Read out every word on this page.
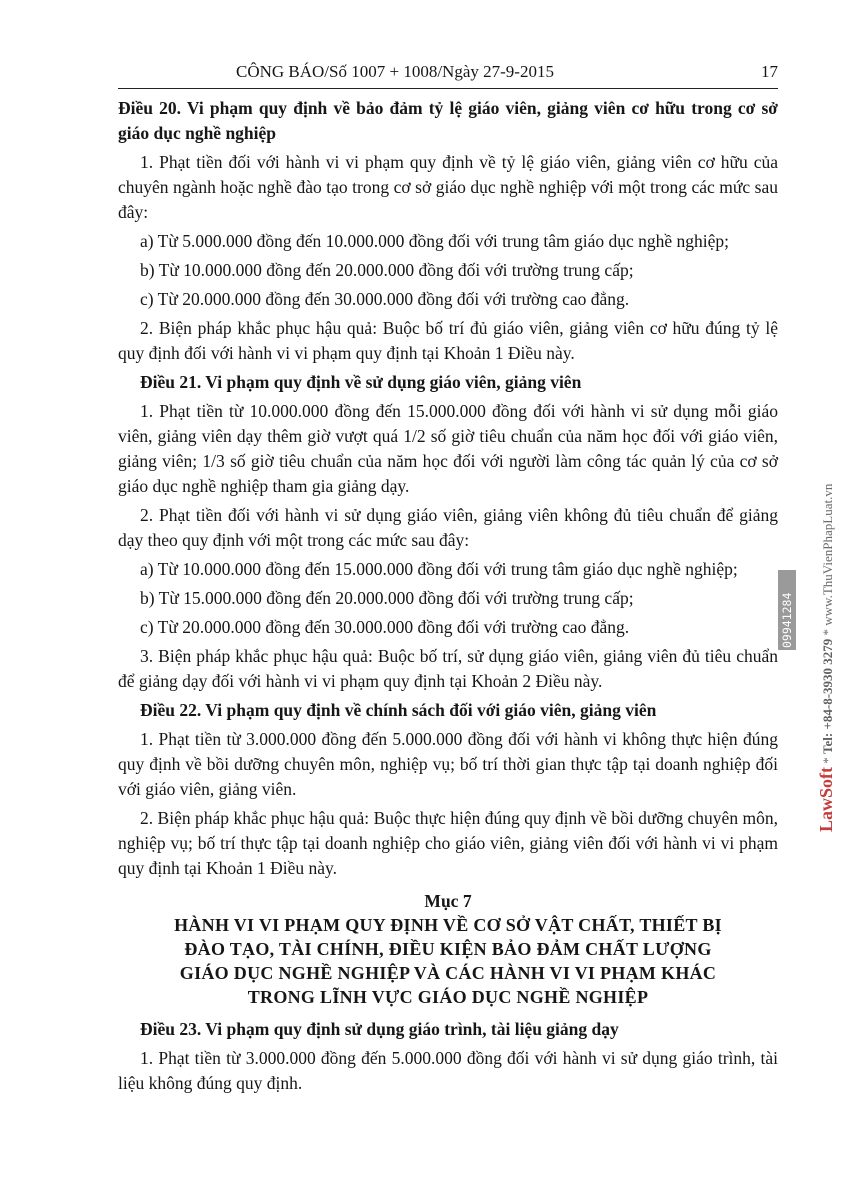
CÔNG BÁO/Số 1007 + 1008/Ngày 27-9-2015	17

Điều 20. Vi phạm quy định về bảo đảm tỷ lệ giáo viên, giảng viên cơ hữu trong cơ sở giáo dục nghề nghiệp

1. Phạt tiền đối với hành vi vi phạm quy định về tỷ lệ giáo viên, giảng viên cơ hữu của chuyên ngành hoặc nghề đào tạo trong cơ sở giáo dục nghề nghiệp với một trong các mức sau đây:

a) Từ 5.000.000 đồng đến 10.000.000 đồng đối với trung tâm giáo dục nghề nghiệp;

b) Từ 10.000.000 đồng đến 20.000.000 đồng đối với trường trung cấp;

c) Từ 20.000.000 đồng đến 30.000.000 đồng đối với trường cao đẳng.

2. Biện pháp khắc phục hậu quả: Buộc bố trí đủ giáo viên, giảng viên cơ hữu đúng tỷ lệ quy định đối với hành vi vi phạm quy định tại Khoản 1 Điều này.

Điều 21. Vi phạm quy định về sử dụng giáo viên, giảng viên

1. Phạt tiền từ 10.000.000 đồng đến 15.000.000 đồng đối với hành vi sử dụng mỗi giáo viên, giảng viên dạy thêm giờ vượt quá 1/2 số giờ tiêu chuẩn của năm học đối với giáo viên, giảng viên; 1/3 số giờ tiêu chuẩn của năm học đối với người làm công tác quản lý của cơ sở giáo dục nghề nghiệp tham gia giảng dạy.

2. Phạt tiền đối với hành vi sử dụng giáo viên, giảng viên không đủ tiêu chuẩn để giảng dạy theo quy định với một trong các mức sau đây:

a) Từ 10.000.000 đồng đến 15.000.000 đồng đối với trung tâm giáo dục nghề nghiệp;

b) Từ 15.000.000 đồng đến 20.000.000 đồng đối với trường trung cấp;

c) Từ 20.000.000 đồng đến 30.000.000 đồng đối với trường cao đẳng.

3. Biện pháp khắc phục hậu quả: Buộc bố trí, sử dụng giáo viên, giảng viên đủ tiêu chuẩn để giảng dạy đối với hành vi vi phạm quy định tại Khoản 2 Điều này.

Điều 22. Vi phạm quy định về chính sách đối với giáo viên, giảng viên

1. Phạt tiền từ 3.000.000 đồng đến 5.000.000 đồng đối với hành vi không thực hiện đúng quy định về bồi dưỡng chuyên môn, nghiệp vụ; bố trí thời gian thực tập tại doanh nghiệp đối với giáo viên, giảng viên.

2. Biện pháp khắc phục hậu quả: Buộc thực hiện đúng quy định về bồi dưỡng chuyên môn, nghiệp vụ; bố trí thực tập tại doanh nghiệp cho giáo viên, giảng viên đối với hành vi vi phạm quy định tại Khoản 1 Điều này.

Mục 7

HÀNH VI VI PHẠM QUY ĐỊNH VỀ CƠ SỞ VẬT CHẤT, THIẾT BỊ
ĐÀO TẠO, TÀI CHÍNH, ĐIỀU KIỆN BẢO ĐẢM CHẤT LƯỢNG
GIÁO DỤC NGHỀ NGHIỆP VÀ CÁC HÀNH VI VI PHẠM KHÁC
TRONG LĨNH VỰC GIÁO DỤC NGHỀ NGHIỆP

Điều 23. Vi phạm quy định sử dụng giáo trình, tài liệu giảng dạy

1. Phạt tiền từ 3.000.000 đồng đến 5.000.000 đồng đối với hành vi sử dụng giáo trình, tài liệu không đúng quy định.

09941284
LawSoft * Tel: +84-8-3930 3279 * www.ThuVienPhapLuat.vn
